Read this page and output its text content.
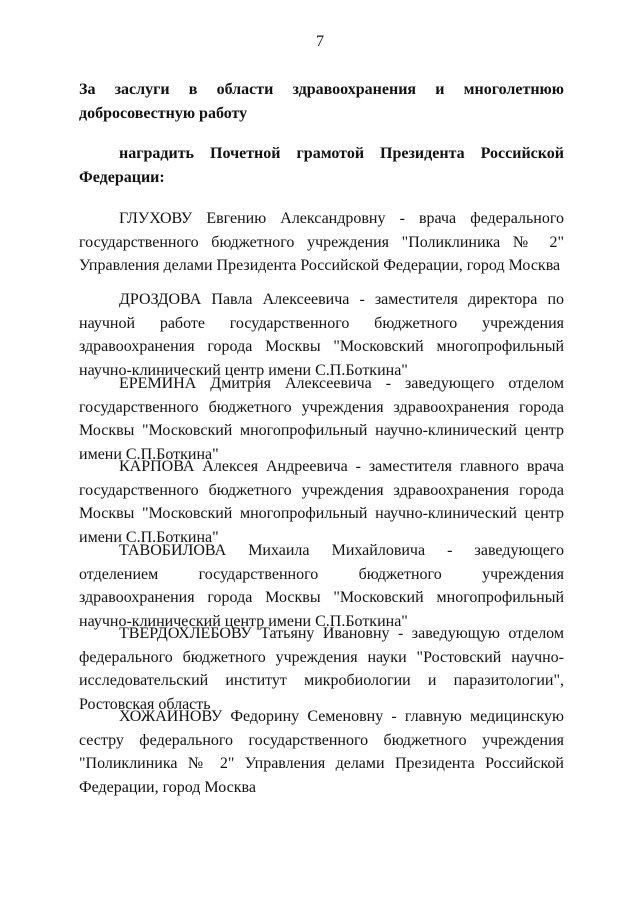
7

За заслуги в области здравоохранения и многолетнюю добросовестную работу

наградить Почетной грамотой Президента Российской Федерации:

ГЛУХОВУ Евгению Александровну - врача федерального государственного бюджетного учреждения "Поликлиника № 2" Управления делами Президента Российской Федерации, город Москва

ДРОЗДОВА Павла Алексеевича - заместителя директора по научной работе государственного бюджетного учреждения здравоохранения города Москвы "Московский многопрофильный научно-клинический центр имени С.П.Боткина"

ЕРЕМИНА Дмитрия Алексеевича - заведующего отделом государственного бюджетного учреждения здравоохранения города Москвы "Московский многопрофильный научно-клинический центр имени С.П.Боткина"

КАРПОВА Алексея Андреевича - заместителя главного врача государственного бюджетного учреждения здравоохранения города Москвы "Московский многопрофильный научно-клинический центр имени С.П.Боткина"

ТАВОБИЛОВА Михаила Михайловича - заведующего отделением государственного бюджетного учреждения здравоохранения города Москвы "Московский многопрофильный научно-клинический центр имени С.П.Боткина"

ТВЕРДОХЛЕБОВУ Татьяну Ивановну - заведующую отделом федерального бюджетного учреждения науки "Ростовский научно-исследовательский институт микробиологии и паразитологии", Ростовская область

ХОЖАИНОВУ Федорину Семеновну - главную медицинскую сестру федерального государственного бюджетного учреждения "Поликлиника № 2" Управления делами Президента Российской Федерации, город Москва
